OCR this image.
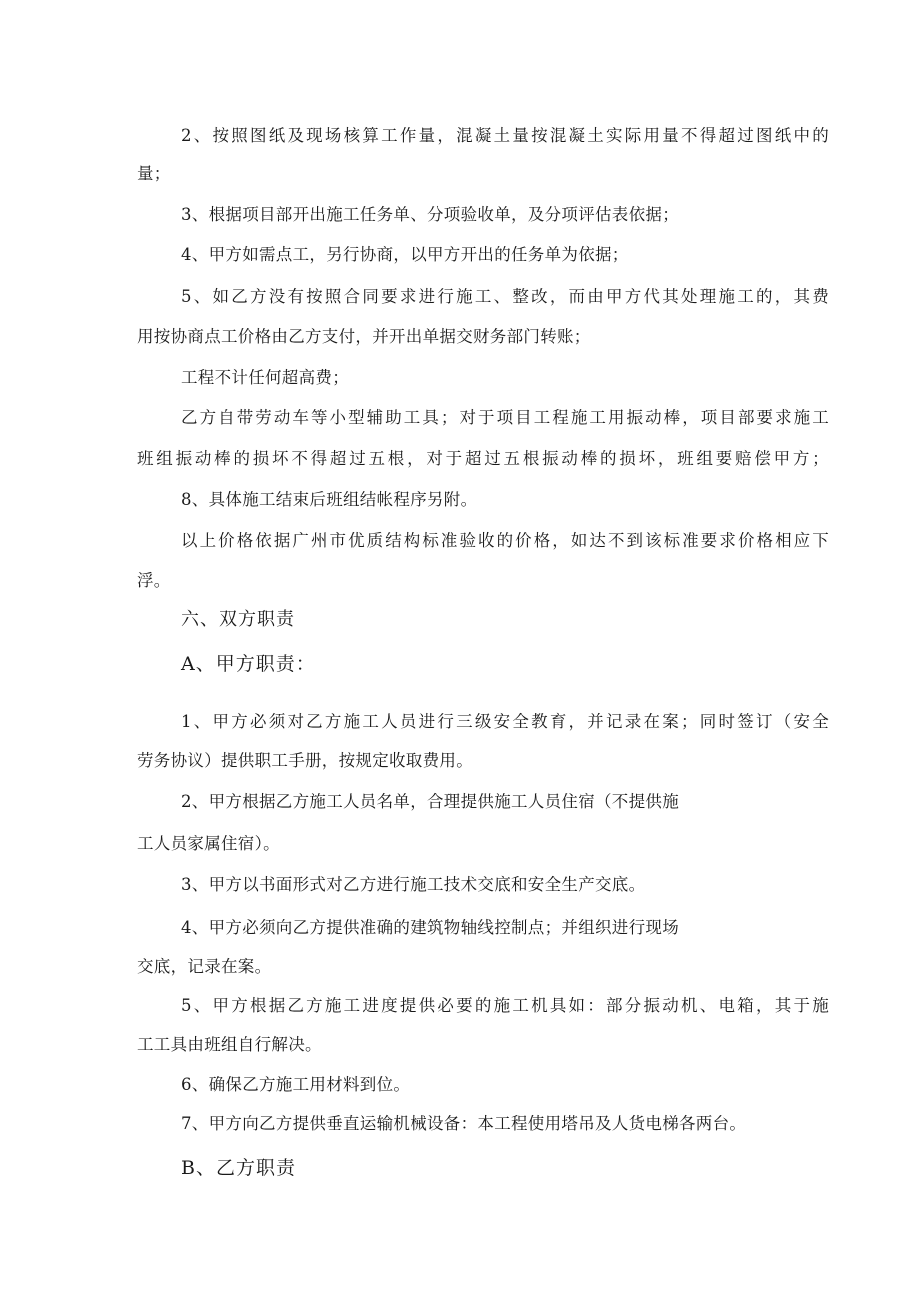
2、按照图纸及现场核算工作量，混凝土量按混凝土实际用量不得超过图纸中的
量；
3、根据项目部开出施工任务单、分项验收单，及分项评估表依据；
4、甲方如需点工，另行协商，以甲方开出的任务单为依据；
5、如乙方没有按照合同要求进行施工、整改，而由甲方代其处理施工的，其费
用按协商点工价格由乙方支付，并开出单据交财务部门转账；
工程不计任何超高费；
乙方自带劳动车等小型辅助工具；对于项目工程施工用振动棒，项目部要求施工
班组振动棒的损坏不得超过五根，对于超过五根振动棒的损坏，班组要赔偿甲方；
8、具体施工结束后班组结帐程序另附。
以上价格依据广州市优质结构标准验收的价格，如达不到该标准要求价格相应下
浮。
六、双方职责
A、甲方职责：
1、甲方必须对乙方施工人员进行三级安全教育，并记录在案；同时签订（安全
劳务协议）提供职工手册，按规定收取费用。
2、甲方根据乙方施工人员名单，合理提供施工人员住宿（不提供施
工人员家属住宿）。
3、甲方以书面形式对乙方进行施工技术交底和安全生产交底。
4、甲方必须向乙方提供准确的建筑物轴线控制点；并组织进行现场
交底，记录在案。
5、甲方根据乙方施工进度提供必要的施工机具如：部分振动机、电箱，其于施
工工具由班组自行解决。
6、确保乙方施工用材料到位。
7、甲方向乙方提供垂直运输机械设备：本工程使用塔吊及人货电梯各两台。
B、乙方职责
